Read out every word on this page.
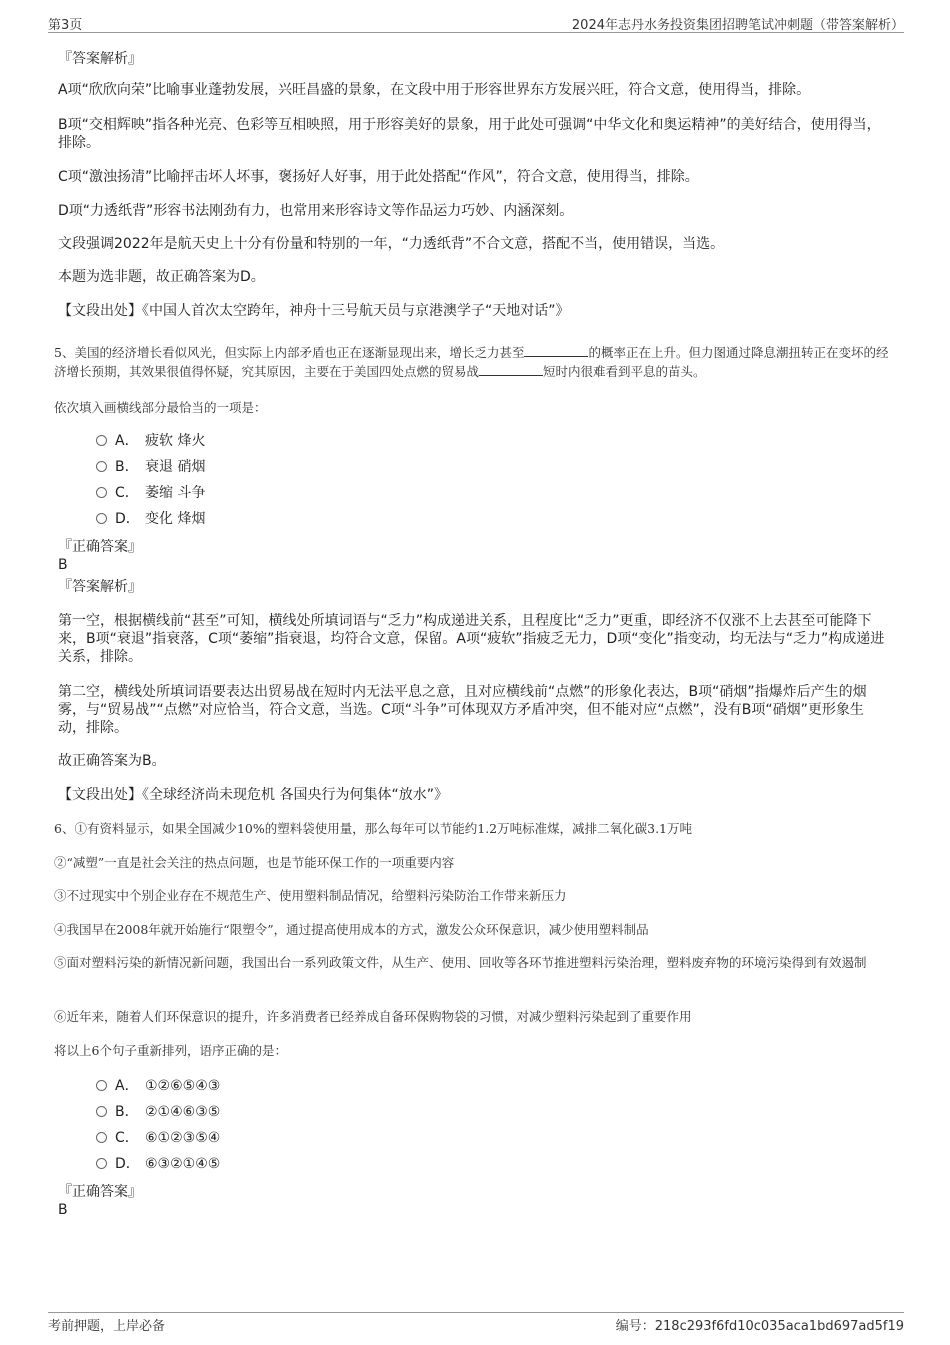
第3页	2024年志丹水务投资集团招聘笔试冲刺题（带答案解析）
『答案解析』
A项“欣欣向荣”比喻事业蓬勃发展，兴旺昌盛的景象，在文段中用于形容世界东方发展兴旺，符合文意，使用得当，排除。
B项“交相辉映”指各种光亮、色彩等互相映照，用于形容美好的景象，用于此处可强调“中华文化和奥运精神”的美好结合，使用得当，排除。
C项“激浊扬清”比喻抨击坏人坏事，褒扬好人好事，用于此处搭配“作风”，符合文意，使用得当，排除。
D项“力透纸背”形容书法刚劲有力，也常用来形容诗文等作品运力巧妙、内涵深刻。
文段强调2022年是航天史上十分有份量和特别的一年，“力透纸背”不合文意，搭配不当，使用错误，当选。
本题为选非题，故正确答案为D。
【文段出处】《中国人首次太空跨年，神舟十三号航天员与京港澳学子“天地对话”》
5、美国的经济增长看似风光，但实际上内部矛盾也正在逐渐显现出来，增长乏力甚至	的概率正在上升。但力图通过降息潮扭转正在变坏的经济增长预期，其效果很值得怀疑，究其原因，主要在于美国四处点燃的贸易战	短时内很难看到平息的苗头。
依次填入画横线部分最恰当的一项是：
A． 疲软 烽火
B． 衰退 硝烟
C． 萎缩 斗争
D． 变化 烽烟
『正确答案』
B
『答案解析』
第一空，根据横线前“甚至”可知，横线处所填词语与“乏力”构成递进关系，且程度比“乏力”更重，即经济不仅涨不上去甚至可能降下来，B项“衰退”指衰落，C项“萎缩”指衰退，均符合文意，保留。A项“疲软”指疲乏无力，D项“变化”指变动，均无法与“乏力”构成递进关系，排除。
第二空，横线处所填词语要表达出贸易战在短时内无法平息之意，且对应横线前“点燃”的形象化表达，B项“硝烟”指爆炸后产生的烟雾，与“贸易战”“点燃”对应恰当，符合文意，当选。C项“斗争”可体现双方矛盾冲突，但不能对应“点燃”，没有B项“硝烟”更形象生动，排除。
故正确答案为B。
【文段出处】《全球经济尚未现危机 各国央行为何集体“放水”》
6、①有资料显示，如果全国减少10%的塑料袋使用量，那么每年可以节能约1.2万吨标准煤，减排二氧化碳3.1万吨
②“减塑”一直是社会关注的热点问题，也是节能环保工作的一项重要内容
③不过现实中个别企业存在不规范生产、使用塑料制品情况，给塑料污染防治工作带来新压力
④我国早在2008年就开始施行“限塑令”，通过提高使用成本的方式，激发公众环保意识，减少使用塑料制品
⑤面对塑料污染的新情况新问题，我国出台一系列政策文件，从生产、使用、回收等各环节推进塑料污染治理，塑料废弃物的环境污染得到有效遏制
⑥近年来，随着人们环保意识的提升，许多消费者已经养成自备环保购物袋的习惯，对减少塑料污染起到了重要作用
将以上6个句子重新排列，语序正确的是：
A． ①②⑥⑤④③
B． ②①④⑥③⑤
C． ⑥①②③⑤④
D． ⑥③②①④⑤
『正确答案』
B
考前押题，上岸必备	编号：218c293f6fd10c035aca1bd697ad5f19
